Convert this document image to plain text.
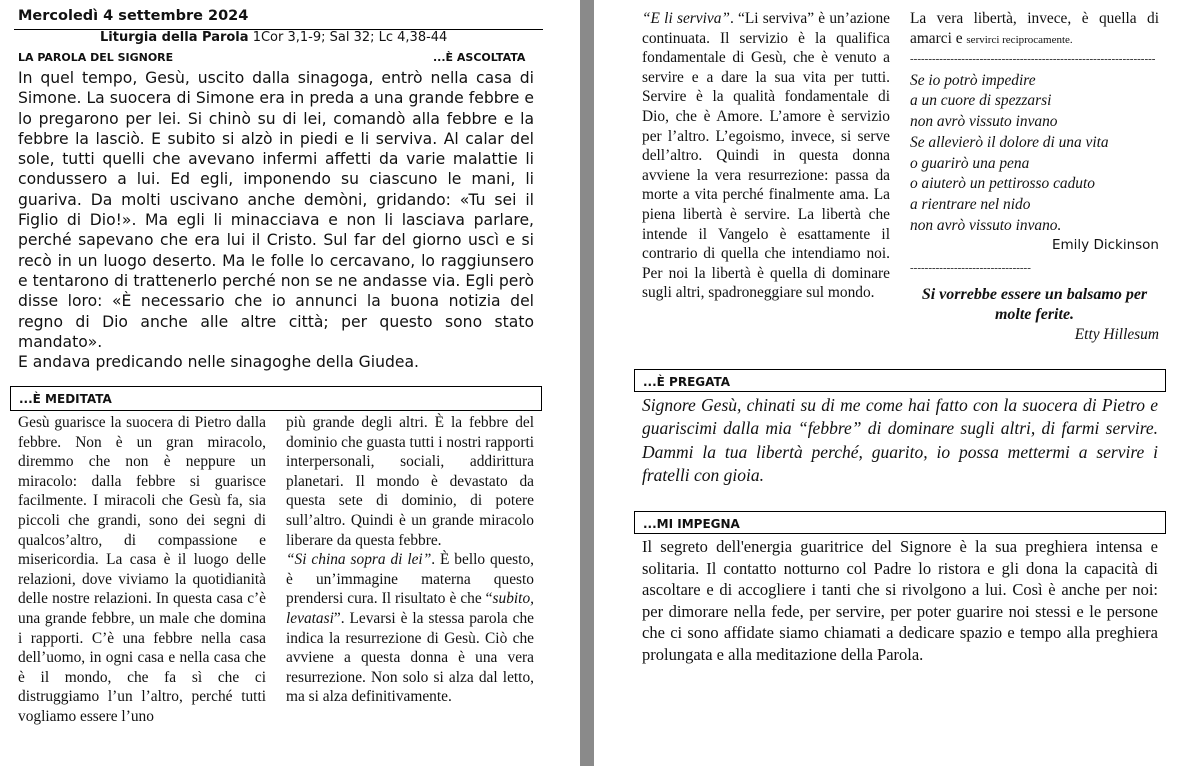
Mercoledì 4 settembre 2024
Liturgia della Parola 1Cor 3,1-9; Sal 32; Lc 4,38-44
LA PAROLA DEL SIGNORE	...È ASCOLTATA

In quel tempo, Gesù, uscito dalla sinagoga, entrò nella casa di Simone. La suocera di Simone era in preda a una grande febbre e lo pregarono per lei. Si chinò su di lei, comandò alla febbre e la febbre la lasciò. E subito si alzò in piedi e li serviva. Al calar del sole, tutti quelli che avevano infermi affetti da varie malattie li condussero a lui. Ed egli, imponendo su ciascuno le mani, li guariva. Da molti uscivano anche demòni, gridando: «Tu sei il Figlio di Dio!». Ma egli li minacciava e non li lasciava parlare, perché sapevano che era lui il Cristo. Sul far del giorno uscì e si recò in un luogo deserto. Ma le folle lo cercavano, lo raggiunsero e tentarono di trattenerlo perché non se ne andasse via. Egli però disse loro: «È necessario che io annunci la buona notizia del regno di Dio anche alle altre città; per questo sono stato mandato».

E andava predicando nelle sinagoghe della Giudea.

...È MEDITATA

Gesù guarisce la suocera di Pietro dalla febbre. Non è un gran miracolo, diremmo che non è neppure un miracolo: dalla febbre si guarisce facilmente. I miracoli che Gesù fa, sia piccoli che grandi, sono dei segni di qualcos’altro, di compassione e misericordia. La casa è il luogo delle relazioni, dove viviamo la quotidianità delle nostre relazioni. In questa casa c’è una grande febbre, un male che domina i rapporti. C’è una febbre nella casa dell’uomo, in ogni casa e nella casa che è il mondo, che fa sì che ci distruggiamo l’un l’altro, perché tutti vogliamo essere l’uno

più grande degli altri. È la febbre del dominio che guasta tutti i nostri rapporti interpersonali, sociali, addirittura planetari. Il mondo è devastato da questa sete di dominio, di potere sull’altro. Quindi è un grande miracolo liberare da questa febbre.

“Si china sopra di lei”. È bello questo, è un’immagine materna questo prendersi cura. Il risultato è che “subito, levatasi”. Levarsi è la stessa parola che indica la resurrezione di Gesù. Ciò che avviene a questa donna è una vera resurrezione. Non solo si alza dal letto, ma si alza definitivamente.

“E li serviva”. “Li serviva” è un’azione continuata. Il servizio è la qualifica fondamentale di Gesù, che è venuto a servire e a dare la sua vita per tutti. Servire è la qualità fondamentale di Dio, che è Amore. L’amore è servizio per l’altro. L’egoismo, invece, si serve dell’altro. Quindi in questa donna avviene la vera resurrezione: passa da morte a vita perché finalmente ama. La piena libertà è servire. La libertà che intende il Vangelo è esattamente il contrario di quella che intendiamo noi. Per noi la libertà è quella di dominare sugli altri, spadroneggiare sul mondo.

La vera libertà, invece, è quella di amarci e servirci reciprocamente.
-------------------------------------------------------------------
Se io potrò impedire
a un cuore di spezzarsi
non avrò vissuto invano
Se allevierò il dolore di una vita
o guarirò una pena
o aiuterò un pettirosso caduto
a rientrare nel nido
non avrò vissuto invano.
Emily Dickinson
---------------------------------
Si vorrebbe essere un balsamo per molte ferite.
Etty Hillesum
...È PREGATA
Signore Gesù, chinati su di me come hai fatto con la suocera di Pietro e guariscimi dalla mia “febbre” di dominare sugli altri, di farmi servire. Dammi la tua libertà perché, guarito, io possa mettermi a servire i fratelli con gioia.
...MI IMPEGNA
Il segreto dell'energia guaritrice del Signore è la sua preghiera intensa e solitaria. Il contatto notturno col Padre lo ristora e gli dona la capacità di ascoltare e di accogliere i tanti che si rivolgono a lui. Così è anche per noi: per dimorare nella fede, per servire, per poter guarire noi stessi e le persone che ci sono affidate siamo chiamati a dedicare spazio e tempo alla preghiera prolungata e alla meditazione della Parola.
